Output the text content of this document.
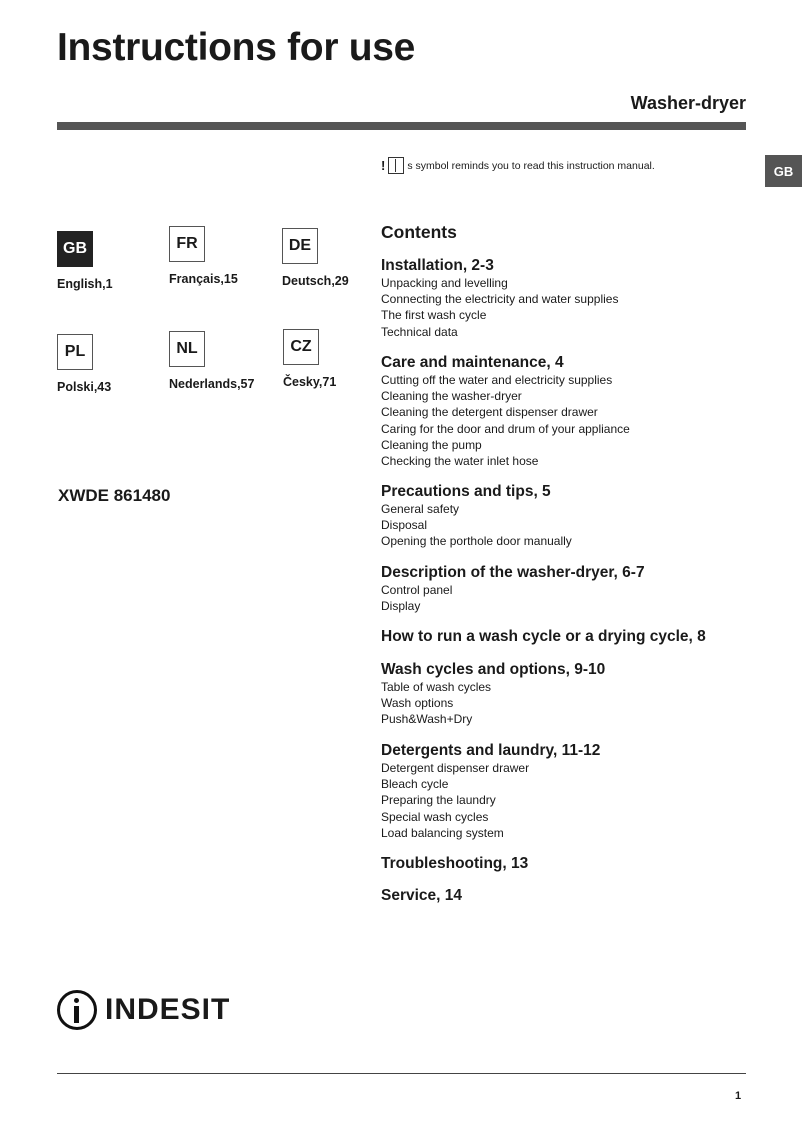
Instructions for use
Washer-dryer
GB
! s symbol reminds you to read this instruction manual.
GB
English,1
FR
Français,15
DE
Deutsch,29
PL
Polski,43
NL
Nederlands,57
CZ
Česky,71
XWDE 861480
Contents
Installation, 2-3
Unpacking and levelling
Connecting the electricity and water supplies
The first wash cycle
Technical data
Care and maintenance, 4
Cutting off the water and electricity supplies
Cleaning the washer-dryer
Cleaning the detergent dispenser drawer
Caring for the door and drum of your appliance
Cleaning the pump
Checking the water inlet hose
Precautions and tips, 5
General safety
Disposal
Opening the porthole door manually
Description of the washer-dryer, 6-7
Control panel
Display
How to run a wash cycle or a drying cycle, 8
Wash cycles and options, 9-10
Table of wash cycles
Wash options
Push&Wash+Dry
Detergents and laundry, 11-12
Detergent dispenser drawer
Bleach cycle
Preparing the laundry
Special wash cycles
Load balancing system
Troubleshooting, 13
Service, 14
INDESIT
1
